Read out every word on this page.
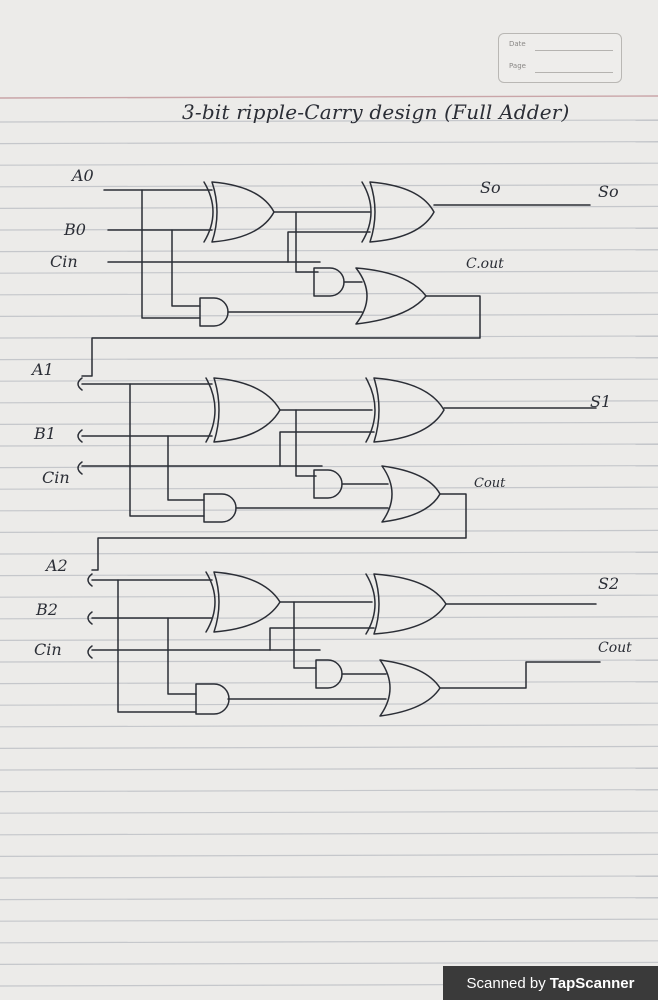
Date
Page
3-bit ripple-Carry design (Full Adder)
A0
B0
Cin
So	So
C.out
A1
B1
Cin
S1
Cout
A2
B2
Cin
S2
Cout
Scanned by TapScanner
